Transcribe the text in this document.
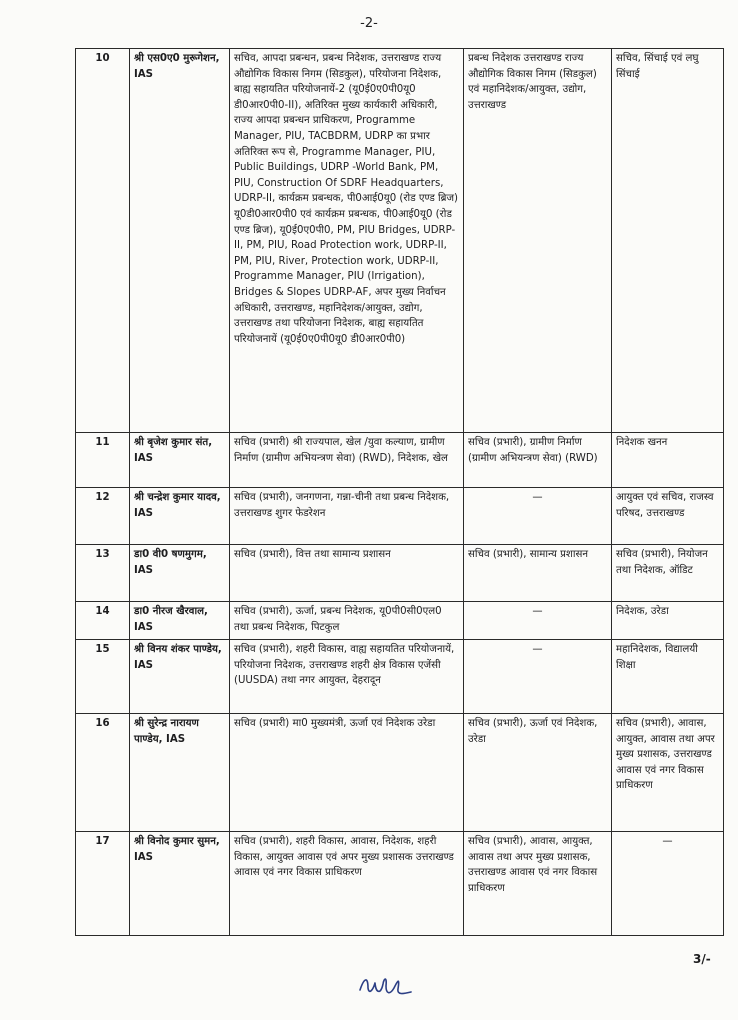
-2-
10	श्री एस0ए0 मुरूगेशन, IAS	सचिव, आपदा प्रबन्धन, प्रबन्ध निदेशक, उत्तराखण्ड राज्य औद्योगिक विकास निगम (सिडकुल), परियोजना निदेशक, बाह्य सहायतित परियोजनायें-2 (यू0ई0ए0पी0यू0 डी0आर0पी0-II), अतिरिक्त मुख्य कार्यकारी अधिकारी, राज्य आपदा प्रबन्धन प्राधिकरण, Programme Manager, PIU, TACBDRM, UDRP का प्रभार अतिरिक्त रूप से, Programme Manager, PIU, Public Buildings, UDRP -World Bank, PM, PIU, Construction Of SDRF Headquarters, UDRP-II, कार्यक्रम प्रबन्धक, पी0आई0यू0 (रोड एण्ड ब्रिज) यू0डी0आर0पी0 एवं कार्यक्रम प्रबन्धक, पी0आई0यू0 (रोड एण्ड ब्रिज), यू0ई0ए0पी0, PM, PIU Bridges, UDRP-II, PM, PIU, Road Protection work, UDRP-II, PM, PIU, River, Protection work, UDRP-II, Programme Manager, PIU (Irrigation), Bridges & Slopes UDRP-AF, अपर मुख्य निर्वाचन अधिकारी, उत्तराखण्ड, महानिदेशक/आयुक्त, उद्योग, उत्तराखण्ड तथा परियोजना निदेशक, बाह्य सहायतित परियोजनायें (यू0ई0ए0पी0यू0 डी0आर0पी0)	प्रबन्ध निदेशक उत्तराखण्ड राज्य औद्योगिक विकास निगम (सिडकुल) एवं महानिदेशक/आयुक्त, उद्योग, उत्तराखण्ड	सचिव, सिंचाई एवं लघु सिंचाई
11	श्री बृजेश कुमार संत, IAS	सचिव (प्रभारी) श्री राज्यपाल, खेल /युवा कल्याण, ग्रामीण निर्माण (ग्रामीण अभियन्त्रण सेवा) (RWD), निदेशक, खेल	सचिव (प्रभारी), ग्रामीण निर्माण (ग्रामीण अभियन्त्रण सेवा) (RWD)	निदेशक खनन
12	श्री चन्द्रेश कुमार यादव, IAS	सचिव (प्रभारी), जनगणना, गन्ना-चीनी तथा प्रबन्ध निदेशक, उत्तराखण्ड शुगर फेडरेशन	—	आयुक्त एवं सचिव, राजस्व परिषद, उत्तराखण्ड
13	डा0 वी0 षणमुगम, IAS	सचिव (प्रभारी), वित्त तथा सामान्य प्रशासन	सचिव (प्रभारी), सामान्य प्रशासन	सचिव (प्रभारी), नियोजन तथा निदेशक, ऑडिट
14	डा0 नीरज खैरवाल, IAS	सचिव (प्रभारी), ऊर्जा, प्रबन्ध निदेशक, यू0पी0सी0एल0 तथा प्रबन्ध निदेशक, पिटकुल	—	निदेशक, उरेडा
15	श्री विनय शंकर पाण्डेय, IAS	सचिव (प्रभारी), शहरी विकास, वाह्य सहायतित परियोजनायें, परियोजना निदेशक, उत्तराखण्ड शहरी क्षेत्र विकास एजेंसी (UUSDA) तथा नगर आयुक्त, देहरादून	—	महानिदेशक, विद्यालयी शिक्षा
16	श्री सुरेन्द्र नारायण पाण्डेय, IAS	सचिव (प्रभारी) मा0 मुख्यमंत्री, ऊर्जा एवं निदेशक उरेडा	सचिव (प्रभारी), ऊर्जा एवं निदेशक, उरेडा	सचिव (प्रभारी), आवास, आयुक्त, आवास तथा अपर मुख्य प्रशासक, उत्तराखण्ड आवास एवं नगर विकास प्राधिकरण
17	श्री विनोद कुमार सुमन, IAS	सचिव (प्रभारी), शहरी विकास, आवास, निदेशक, शहरी विकास, आयुक्त आवास एवं अपर मुख्य प्रशासक उत्तराखण्ड आवास एवं नगर विकास प्राधिकरण	सचिव (प्रभारी), आवास, आयुक्त, आवास तथा अपर मुख्य प्रशासक, उत्तराखण्ड आवास एवं नगर विकास प्राधिकरण	—
3/-
